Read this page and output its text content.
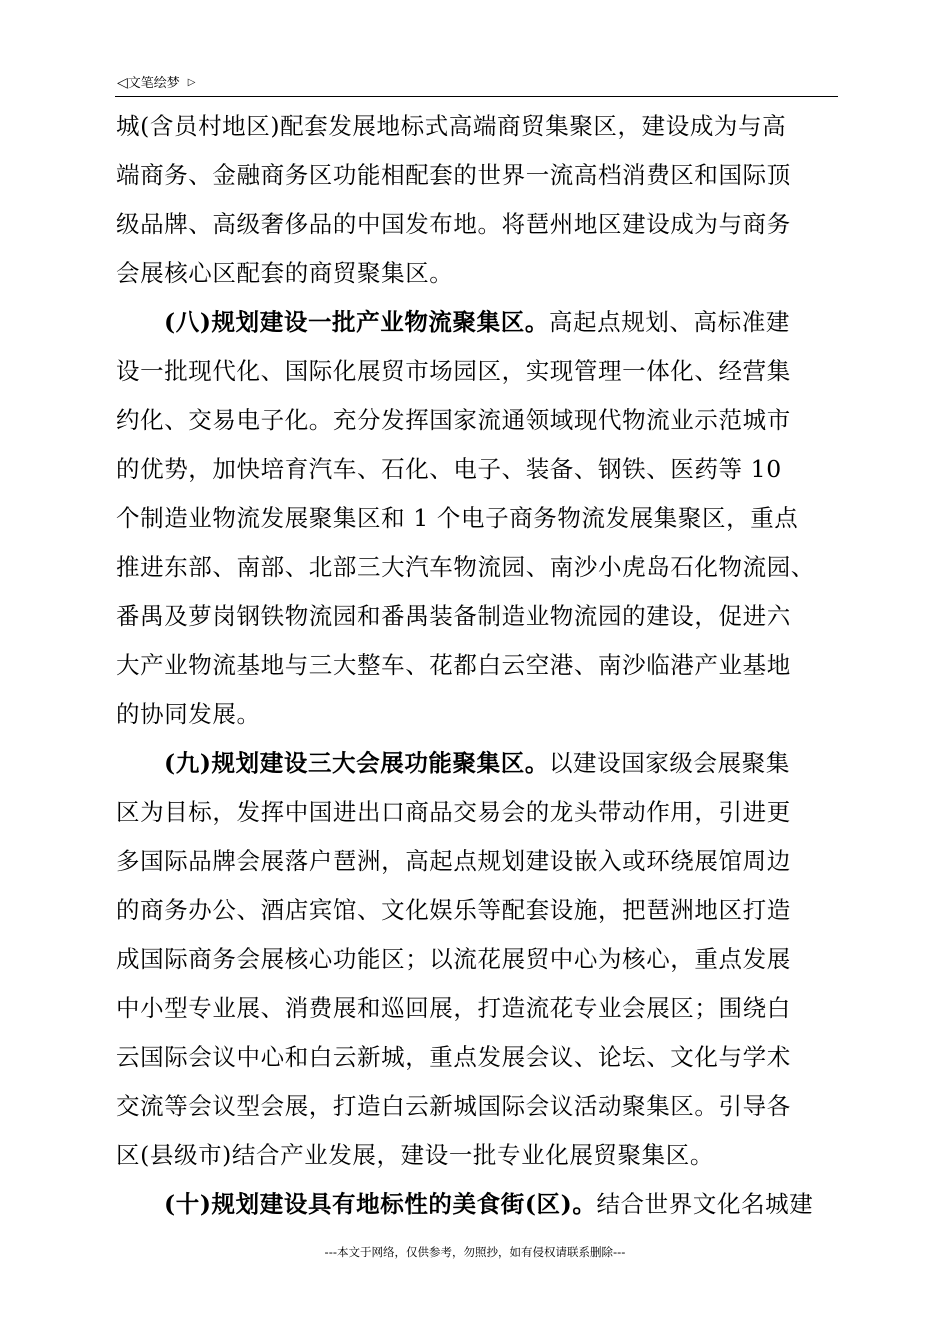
◁文笔绘梦 ▷
城(含员村地区)配套发展地标式高端商贸集聚区，建设成为与高
端商务、金融商务区功能相配套的世界一流高档消费区和国际顶
级品牌、高级奢侈品的中国发布地。将琶州地区建设成为与商务
会展核心区配套的商贸聚集区。
(八)规划建设一批产业物流聚集区。高起点规划、高标准建
设一批现代化、国际化展贸市场园区，实现管理一体化、经营集
约化、交易电子化。充分发挥国家流通领域现代物流业示范城市
的优势，加快培育汽车、石化、电子、装备、钢铁、医药等 10
个制造业物流发展聚集区和 1 个电子商务物流发展集聚区，重点
推进东部、南部、北部三大汽车物流园、南沙小虎岛石化物流园、
番禺及萝岗钢铁物流园和番禺装备制造业物流园的建设，促进六
大产业物流基地与三大整车、花都白云空港、南沙临港产业基地
的协同发展。
(九)规划建设三大会展功能聚集区。以建设国家级会展聚集
区为目标，发挥中国进出口商品交易会的龙头带动作用，引进更
多国际品牌会展落户琶洲，高起点规划建设嵌入或环绕展馆周边
的商务办公、酒店宾馆、文化娱乐等配套设施，把琶洲地区打造
成国际商务会展核心功能区；以流花展贸中心为核心，重点发展
中小型专业展、消费展和巡回展，打造流花专业会展区；围绕白
云国际会议中心和白云新城，重点发展会议、论坛、文化与学术
交流等会议型会展，打造白云新城国际会议活动聚集区。引导各
区(县级市)结合产业发展，建设一批专业化展贸聚集区。
(十)规划建设具有地标性的美食街(区)。结合世界文化名城建
---本文于网络，仅供参考，勿照抄，如有侵权请联系删除---
